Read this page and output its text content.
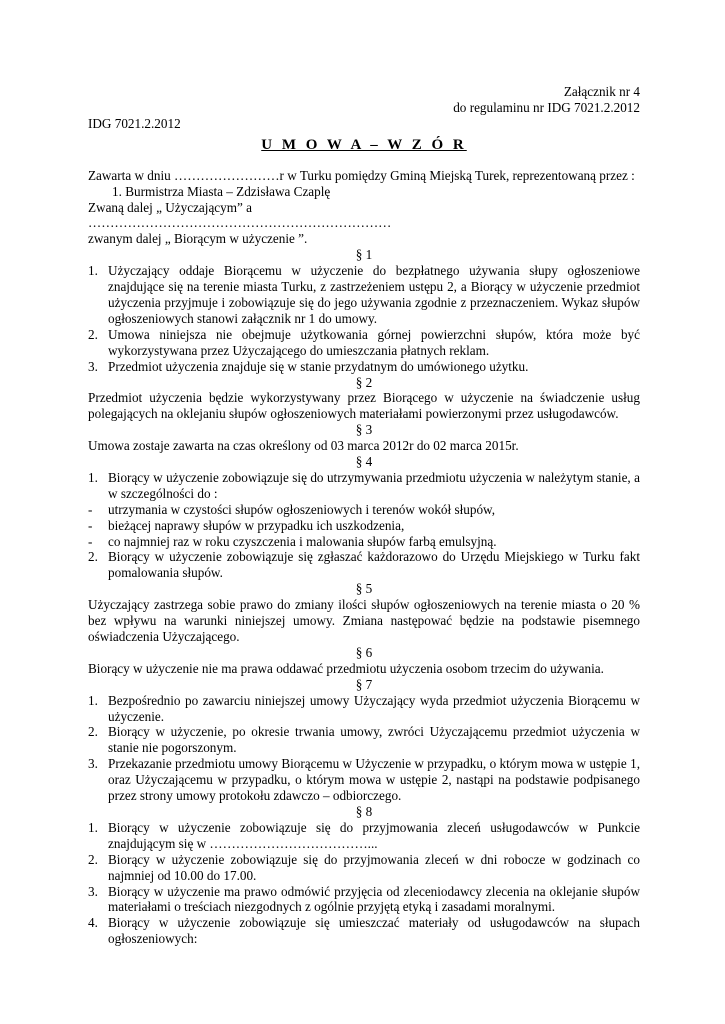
Załącznik nr 4
do regulaminu nr IDG 7021.2.2012
IDG 7021.2.2012
U M O W A – W Z Ó R
Zawarta w dniu ……………………r w Turku pomiędzy Gminą Miejską Turek, reprezentowaną przez :
1. Burmistrza Miasta – Zdzisława Czaplę
Zwaną dalej „ Użyczającym” a
……………………………………………………………
zwanym dalej „ Biorącym w użyczenie ”.
§ 1
1. Użyczający oddaje Biorącemu w użyczenie do bezpłatnego używania słupy ogłoszeniowe znajdujące się na terenie miasta Turku, z zastrzeżeniem ustępu 2, a Biorący w użyczenie przedmiot użyczenia przyjmuje i zobowiązuje się do jego używania zgodnie z przeznaczeniem. Wykaz słupów ogłoszeniowych stanowi załącznik nr 1 do umowy.
2. Umowa niniejsza nie obejmuje użytkowania górnej powierzchni słupów, która może być wykorzystywana przez Użyczającego do umieszczania płatnych reklam.
3. Przedmiot użyczenia znajduje się w stanie przydatnym do umówionego użytku.
§ 2
Przedmiot użyczenia będzie wykorzystywany przez Biorącego w użyczenie na świadczenie usług polegających na oklejaniu słupów ogłoszeniowych materiałami powierzonymi przez usługodawców.
§ 3
Umowa zostaje zawarta na czas określony od 03 marca 2012r do 02 marca 2015r.
§ 4
1. Biorący w użyczenie zobowiązuje się do utrzymywania przedmiotu użyczenia w należytym stanie, a w szczególności do :
- utrzymania w czystości słupów ogłoszeniowych i terenów wokół słupów,
- bieżącej naprawy słupów w przypadku ich uszkodzenia,
- co najmniej raz w roku czyszczenia i malowania słupów farbą emulsyjną.
2. Biorący w użyczenie zobowiązuje się zgłaszać każdorazowo do Urzędu Miejskiego w Turku fakt pomalowania słupów.
§ 5
Użyczający zastrzega sobie prawo do zmiany ilości słupów ogłoszeniowych na terenie miasta o 20 % bez wpływu na warunki niniejszej umowy. Zmiana następować będzie na podstawie pisemnego oświadczenia Użyczającego.
§ 6
Biorący w użyczenie nie ma prawa oddawać przedmiotu użyczenia osobom trzecim do używania.
§ 7
1. Bezpośrednio po zawarciu niniejszej umowy Użyczający wyda przedmiot użyczenia Biorącemu w użyczenie.
2. Biorący w użyczenie, po okresie trwania umowy, zwróci Użyczającemu przedmiot użyczenia w stanie nie pogorszonym.
3. Przekazanie przedmiotu umowy Biorącemu w Użyczenie w przypadku, o którym mowa w ustępie 1, oraz Użyczającemu w przypadku, o którym mowa w ustępie 2, nastąpi na podstawie podpisanego przez strony umowy protokołu zdawczo – odbiorczego.
§ 8
1. Biorący w użyczenie zobowiązuje się do przyjmowania zleceń usługodawców w Punkcie znajdującym się w ………………………………...
2. Biorący w użyczenie zobowiązuje się do przyjmowania zleceń w dni robocze w godzinach co najmniej od 10.00 do 17.00.
3. Biorący w użyczenie ma prawo odmówić przyjęcia od zleceniodawcy zlecenia na oklejanie słupów materiałami o treściach niezgodnych z ogólnie przyjętą etyką i zasadami moralnymi.
4. Biorący w użyczenie zobowiązuje się umieszczać materiały od usługodawców na słupach ogłoszeniowych:
